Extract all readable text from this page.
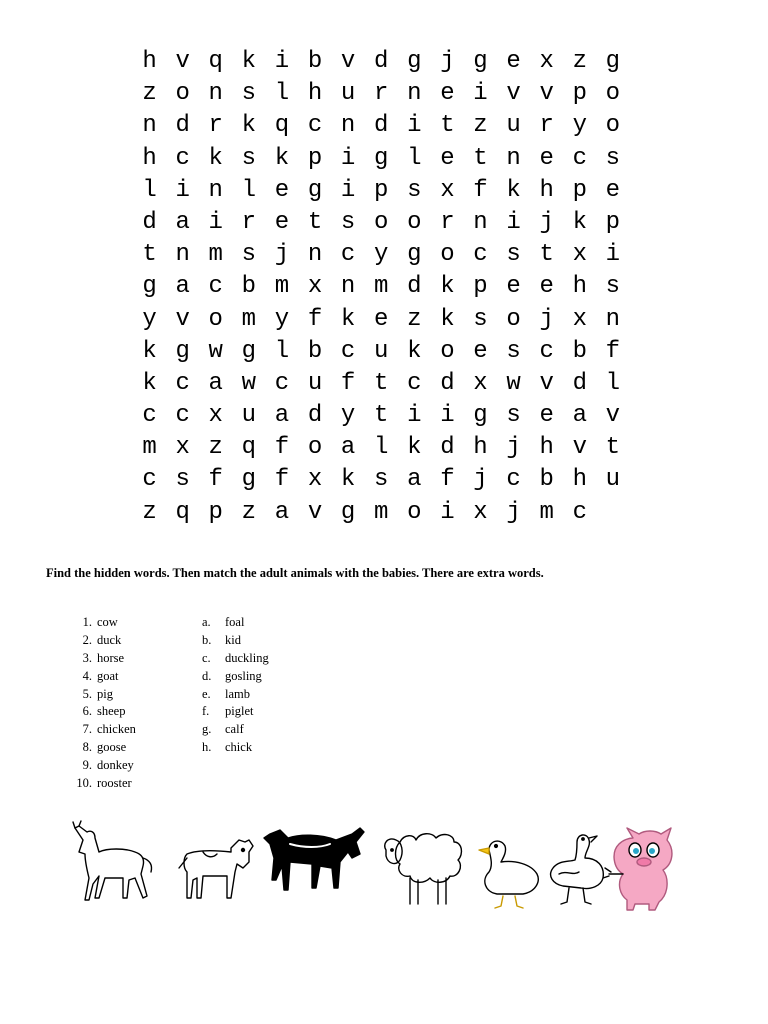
h v q k i b v d g j g e x z g
z o n s l h u r n e i v v p o
n d r k q c n d i t z u r y o
h c k s k p i g l e t n e c s
l i n l e g i p s x f k h p e
d a i r e t s o o r n i j k p
t n m s j n c y g o c s t x i
g a c b m x n m d k p e e h s
y v o m y f k e z k s o j x n
k g w g l b c u k o e s c b f
k c a w c u f t c d x w v d l
c c x u a d y t i i g s e a v
m x z q f o a l k d h j h v t
c s f g f x k s a f j c b h u
z q p z a v g m o i x j m c
Find the hidden words. Then match the adult animals with the babies. There are extra words.
1. cow
2. duck
3. horse
4. goat
5. pig
6. sheep
7. chicken
8. goose
9. donkey
10. rooster
a. foal
b. kid
c. duckling
d. gosling
e. lamb
f. piglet
g. calf
h. chick
